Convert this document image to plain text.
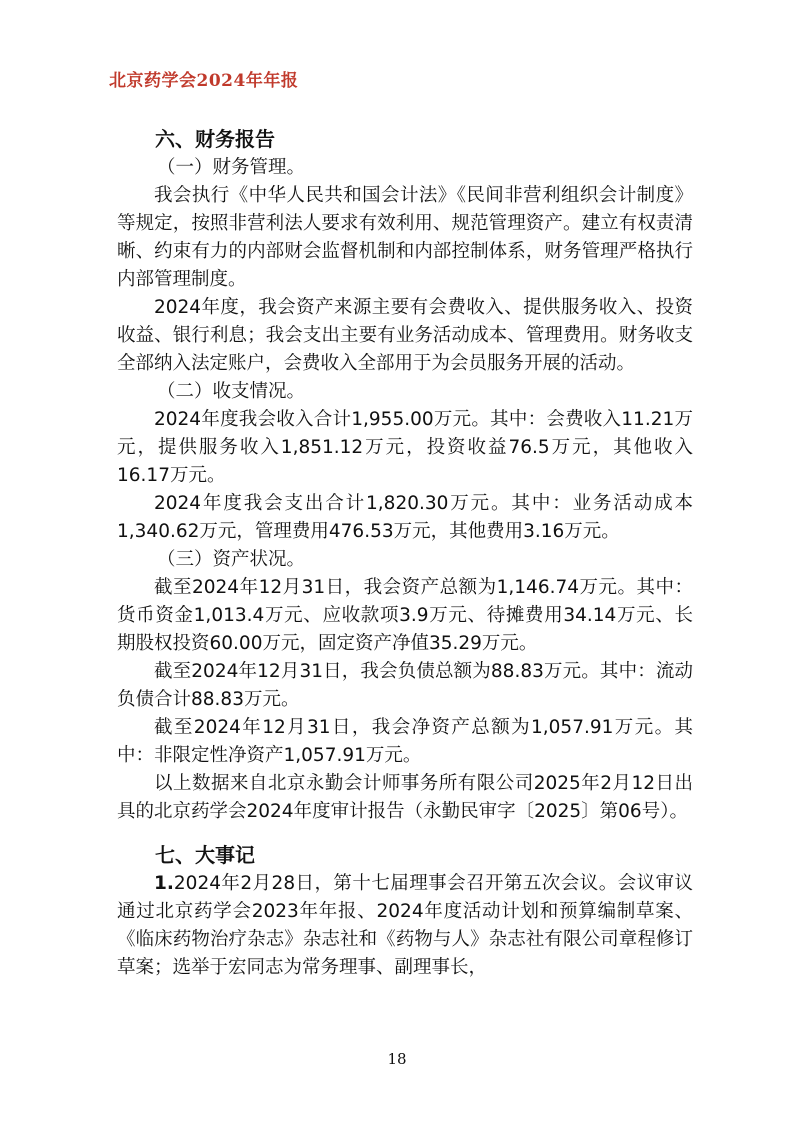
北京药学会2024年年报
六、财务报告
（一）财务管理。

我会执行《中华人民共和国会计法》《民间非营利组织会计制度》等规定，按照非营利法人要求有效利用、规范管理资产。建立有权责清晰、约束有力的内部财会监督机制和内部控制体系，财务管理严格执行内部管理制度。

2024年度，我会资产来源主要有会费收入、提供服务收入、投资收益、银行利息；我会支出主要有业务活动成本、管理费用。财务收支全部纳入法定账户，会费收入全部用于为会员服务开展的活动。

（二）收支情况。

2024年度我会收入合计1,955.00万元。其中：会费收入11.21万元，提供服务收入1,851.12万元，投资收益76.5万元，其他收入16.17万元。

2024年度我会支出合计1,820.30万元。其中：业务活动成本1,340.62万元，管理费用476.53万元，其他费用3.16万元。

（三）资产状况。

截至2024年12月31日，我会资产总额为1,146.74万元。其中：货币资金1,013.4万元、应收款项3.9万元、待摊费用34.14万元、长期股权投资60.00万元，固定资产净值35.29万元。

截至2024年12月31日，我会负债总额为88.83万元。其中：流动负债合计88.83万元。

截至2024年12月31日，我会净资产总额为1,057.91万元。其中：非限定性净资产1,057.91万元。

以上数据来自北京永勤会计师事务所有限公司2025年2月12日出具的北京药学会2024年度审计报告（永勤民审字〔2025〕第06号）。

七、大事记

1.2024年2月28日，第十七届理事会召开第五次会议。会议审议通过北京药学会2023年年报、2024年度活动计划和预算编制草案、《临床药物治疗杂志》杂志社和《药物与人》杂志社有限公司章程修订草案；选举于宏同志为常务理事、副理事长，

18
